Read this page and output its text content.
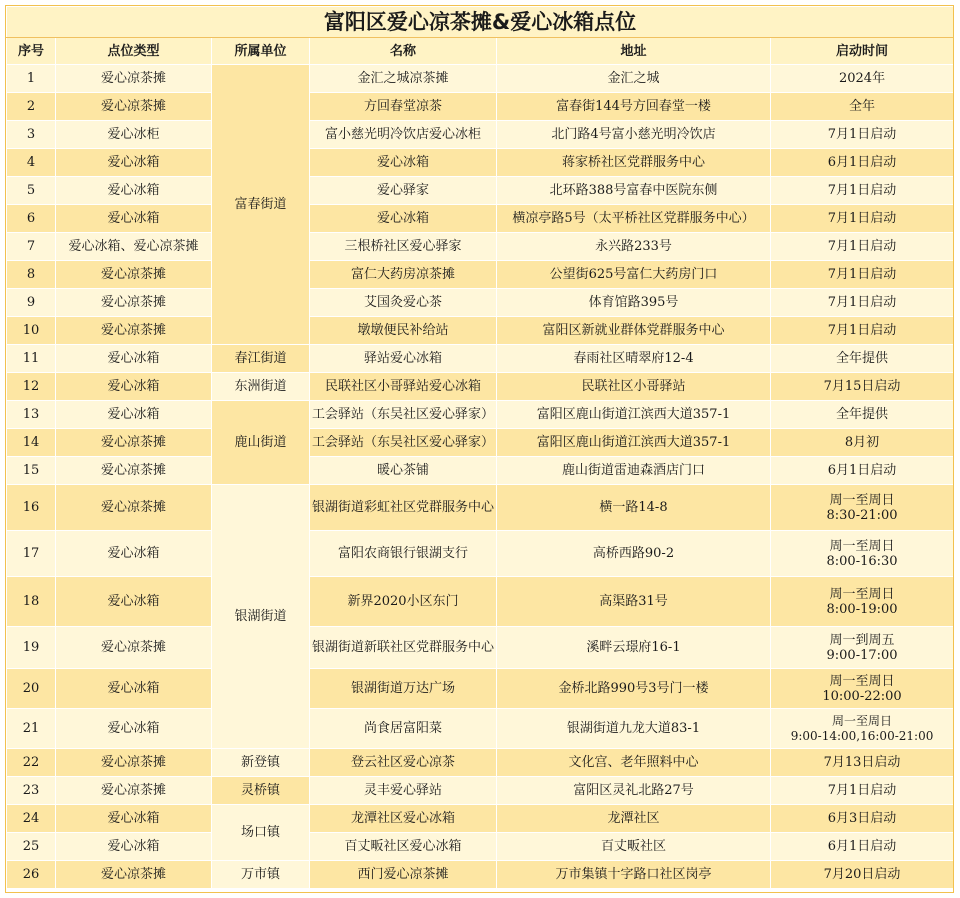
富阳区爱心凉茶摊&爱心冰箱点位					
序号	点位类型	所属单位	名称	地址	启动时间
1	爱心凉茶摊	富春街道	金汇之城凉茶摊	金汇之城	2024年
2	爱心凉茶摊		方回春堂凉茶	富春街144号方回春堂一楼	全年
3	爱心冰柜		富小慈光明冷饮店爱心冰柜	北门路4号富小慈光明冷饮店	7月1日启动
4	爱心冰箱		爱心冰箱	蒋家桥社区党群服务中心	6月1日启动
5	爱心冰箱		爱心驿家	北环路388号富春中医院东侧	7月1日启动
6	爱心冰箱		爱心冰箱	横凉亭路5号（太平桥社区党群服务中心）	7月1日启动
7	爱心冰箱、爱心凉茶摊		三根桥社区爱心驿家	永兴路233号	7月1日启动
8	爱心凉茶摊		富仁大药房凉茶摊	公望街625号富仁大药房门口	7月1日启动
9	爱心凉茶摊		艾国灸爱心茶	体育馆路395号	7月1日启动
10	爱心凉茶摊		墩墩便民补给站	富阳区新就业群体党群服务中心	7月1日启动
11	爱心冰箱	春江街道	驿站爱心冰箱	春雨社区晴翠府12-4	全年提供
12	爱心冰箱	东洲街道	民联社区小哥驿站爱心冰箱	民联社区小哥驿站	7月15日启动
13	爱心冰箱	鹿山街道	工会驿站（东吴社区爱心驿家）	富阳区鹿山街道江滨西大道357-1	全年提供
14	爱心凉茶摊		工会驿站（东吴社区爱心驿家）	富阳区鹿山街道江滨西大道357-1	8月初
15	爱心凉茶摊		暖心茶铺	鹿山街道雷迪森酒店门口	6月1日启动
16	爱心凉茶摊	银湖街道	银湖街道彩虹社区党群服务中心	横一路14-8	周一至周日
8:30-21:00

17	爱心冰箱		富阳农商银行银湖支行	高桥西路90-2	周一至周日
8:00-16:30

18	爱心冰箱		新界2020小区东门	高渠路31号	周一至周日
8:00-19:00

19	爱心凉茶摊		银湖街道新联社区党群服务中心	溪畔云璟府16-1	周一到周五
9:00-17:00

20	爱心冰箱		银湖街道万达广场	金桥北路990号3号门一楼	周一至周日
10:00-22:00

21	爱心冰箱		尚食居富阳菜	银湖街道九龙大道83-1	周一至周日
9:00-14:00,16:00-21:00

22	爱心凉茶摊	新登镇	登云社区爱心凉茶	文化宫、老年照料中心	7月13日启动
23	爱心凉茶摊	灵桥镇	灵丰爱心驿站	富阳区灵礼北路27号	7月1日启动
24	爱心冰箱	场口镇	龙潭社区爱心冰箱	龙潭社区	6月3日启动
25	爱心冰箱		百丈畈社区爱心冰箱	百丈畈社区	6月1日启动
26	爱心凉茶摊	万市镇	西门爱心凉茶摊	万市集镇十字路口社区岗亭	7月20日启动
